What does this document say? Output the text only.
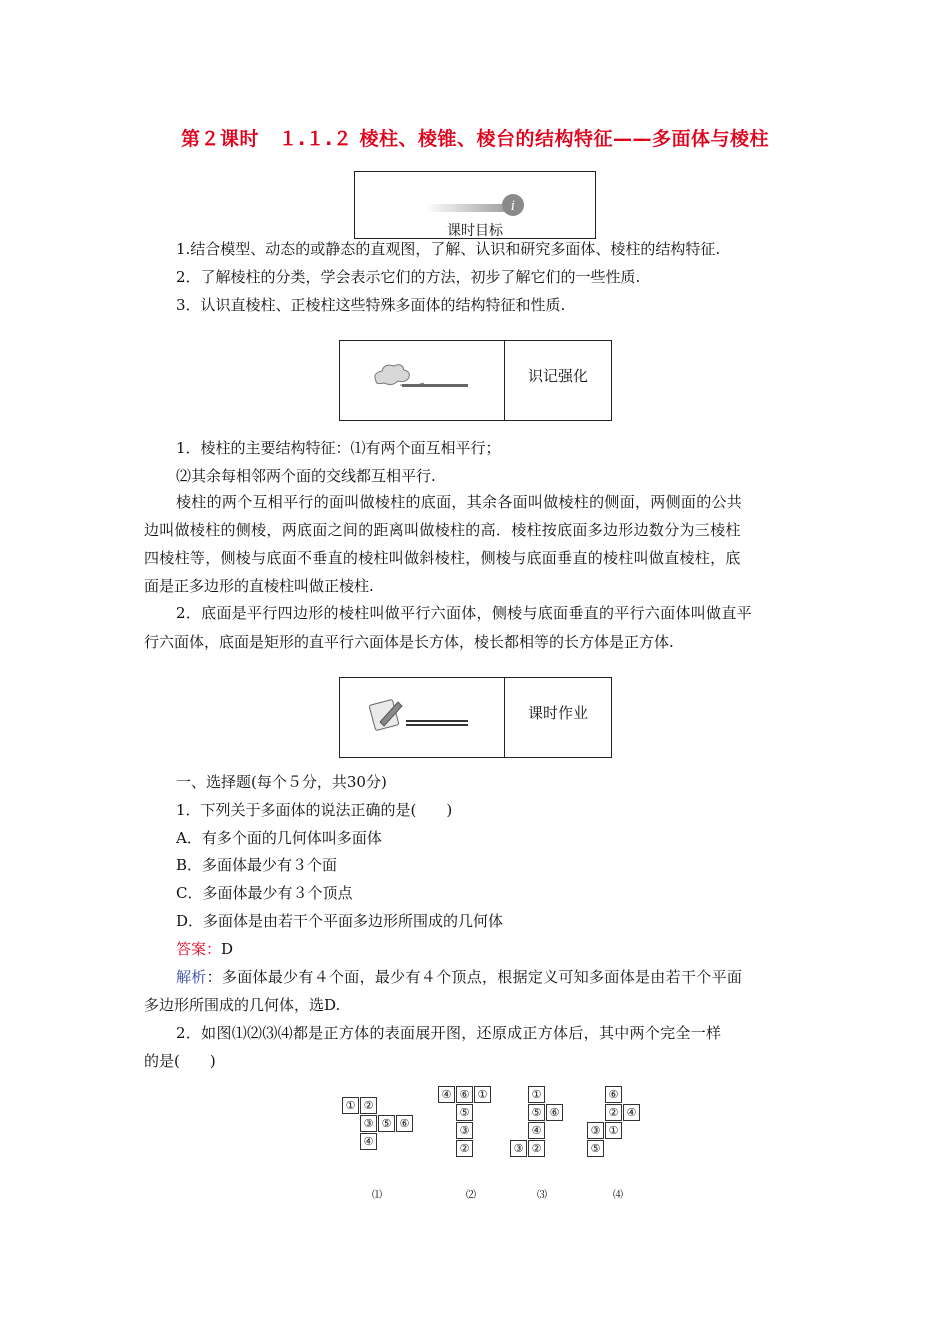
第２课时　１.１.２ 棱柱、棱锥、棱台的结构特征——多面体与棱柱
i
课时目标
1.结合模型、动态的或静态的直观图，了解、认识和研究多面体、棱柱的结构特征.
2．了解棱柱的分类，学会表示它们的方法，初步了解它们的一些性质.
3．认识直棱柱、正棱柱这些特殊多面体的结构特征和性质.
识记强化
1．棱柱的主要结构特征：⑴有两个面互相平行；
⑵其余每相邻两个面的交线都互相平行.
棱柱的两个互相平行的面叫做棱柱的底面，其余各面叫做棱柱的侧面，两侧面的公共
边叫做棱柱的侧棱，两底面之间的距离叫做棱柱的高．棱柱按底面多边形边数分为三棱柱
四棱柱等，侧棱与底面不垂直的棱柱叫做斜棱柱，侧棱与底面垂直的棱柱叫做直棱柱，底
面是正多边形的直棱柱叫做正棱柱.
2．底面是平行四边形的棱柱叫做平行六面体，侧棱与底面垂直的平行六面体叫做直平
行六面体，底面是矩形的直平行六面体是长方体，棱长都相等的长方体是正方体.
课时作业
一、选择题(每个５分，共30分)
1．下列关于多面体的说法正确的是(　　)
A．有多个面的几何体叫多面体
B．多面体最少有３个面
C．多面体最少有３个顶点
D．多面体是由若干个平面多边形所围成的几何体
答案：D
解析：多面体最少有４个面，最少有４个顶点，根据定义可知多面体是由若干个平面
多边形所围成的几何体，选D.
2．如图⑴⑵⑶⑷都是正方体的表面展开图，还原成正方体后，其中两个完全一样
的是(　　)
① ②
③ ⑤ ⑥
④
⑴
④ ⑥ ①
⑤
③
②
⑵
①
⑤ ⑥
④
③ ②
⑶
⑥
② ④
③ ①
⑤
⑷
